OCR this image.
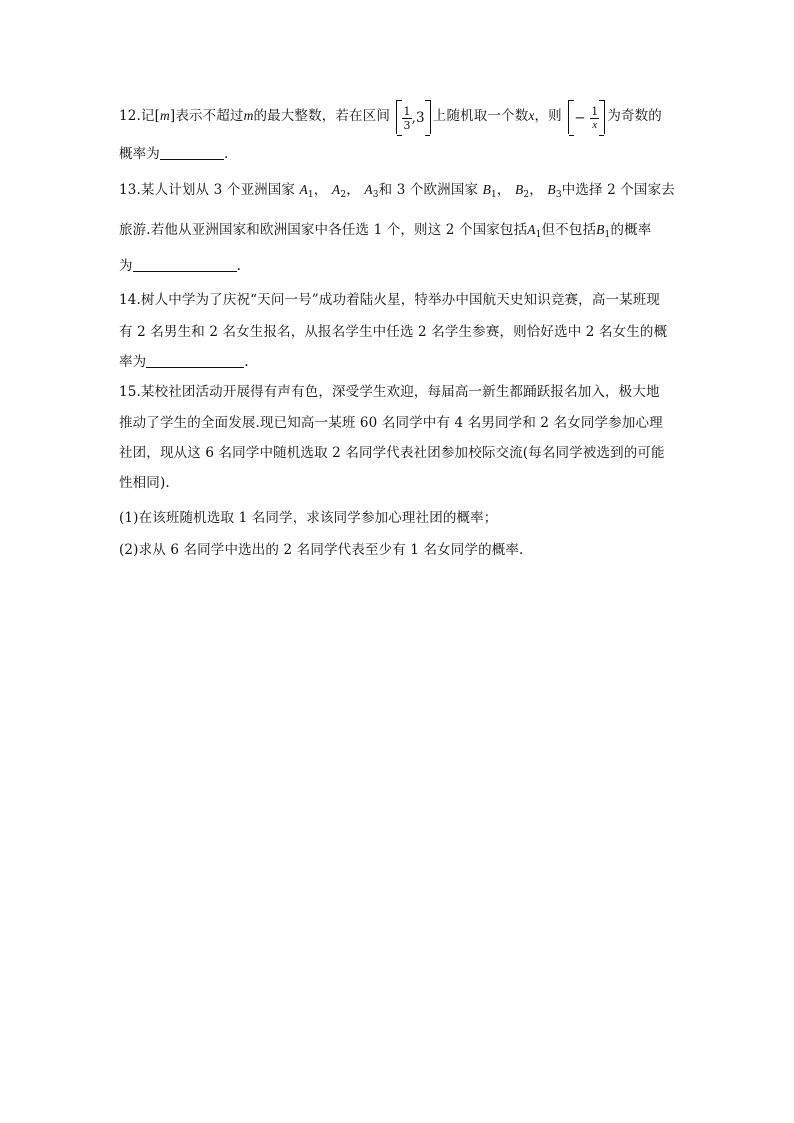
12.记[m]表示不超过m的最大整数，若在区间 $\frac{1}{3} ,3$ 上随机取一个数x，则 − $\frac{1}{x}$ 为奇数的
概率为	.
13.某人计划从 3 个亚洲国家 $A_1$， $A_2$， $A_3$和 3 个欧洲国家 $B_1$， $B_2$， $B_3$中选择 2 个国家去
旅游.若他从亚洲国家和欧洲国家中各任选 1 个，则这 2 个国家包括$A_1$但不包括$B_1$的概率
为	.
14.树人中学为了庆祝“天问一号”成功着陆火星，特举办中国航天史知识竞赛，高一某班现
有 2 名男生和 2 名女生报名，从报名学生中任选 2 名学生参赛，则恰好选中 2 名女生的概
率为	.
15.某校社团活动开展得有声有色，深受学生欢迎，每届高一新生都踊跃报名加入，极大地
推动了学生的全面发展.现已知高一某班 60 名同学中有 4 名男同学和 2 名女同学参加心理
社团，现从这 6 名同学中随机选取 2 名同学代表社团参加校际交流(每名同学被选到的可能
性相同).
(1)在该班随机选取 1 名同学，求该同学参加心理社团的概率；
(2)求从 6 名同学中选出的 2 名同学代表至少有 1 名女同学的概率.
